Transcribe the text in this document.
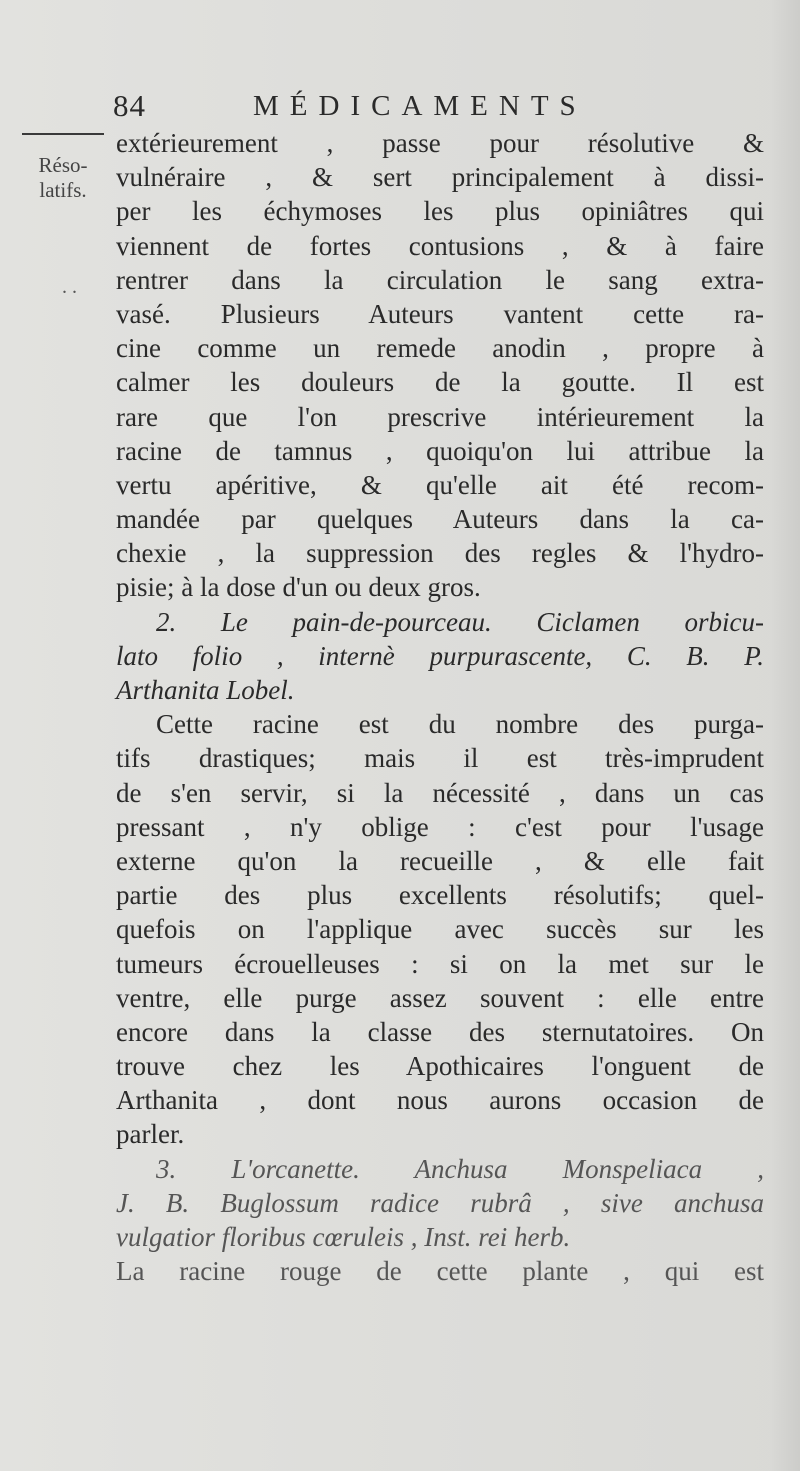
84	MÉDICAMENTS
Réso-latifs.
. .
extérieurement , passe pour résolutive &
vulnéraire , & sert principalement à dissi-
per les échymoses les plus opiniâtres qui
viennent de fortes contusions , & à faire
rentrer dans la circulation le sang extra-
vasé. Plusieurs Auteurs vantent cette ra-
cine comme un remede anodin , propre à
calmer les douleurs de la goutte. Il est
rare que l'on prescrive intérieurement la
racine de tamnus , quoiqu'on lui attribue la
vertu apéritive, & qu'elle ait été recom-
mandée par quelques Auteurs dans la ca-
chexie , la suppression des regles & l'hydro-
pisie; à la dose d'un ou deux gros.
2. Le pain-de-pourceau. Ciclamen orbicu-
lato folio , internè purpurascente, C. B. P.
Arthanita Lobel.
Cette racine est du nombre des purga-
tifs drastiques; mais il est très-imprudent
de s'en servir, si la nécessité , dans un cas
pressant , n'y oblige : c'est pour l'usage
externe qu'on la recueille , & elle fait
partie des plus excellents résolutifs; quel-
quefois on l'applique avec succès sur les
tumeurs écrouelleuses : si on la met sur le
ventre, elle purge assez souvent : elle entre
encore dans la classe des sternutatoires. On
trouve chez les Apothicaires l'onguent de
Arthanita , dont nous aurons occasion de
parler.
3. L'orcanette. Anchusa Monspeliaca ,
J. B. Buglossum radice rubrâ , sive anchusa
vulgatior floribus cœruleis , Inst. rei herb.
La racine rouge de cette plante , qui est
